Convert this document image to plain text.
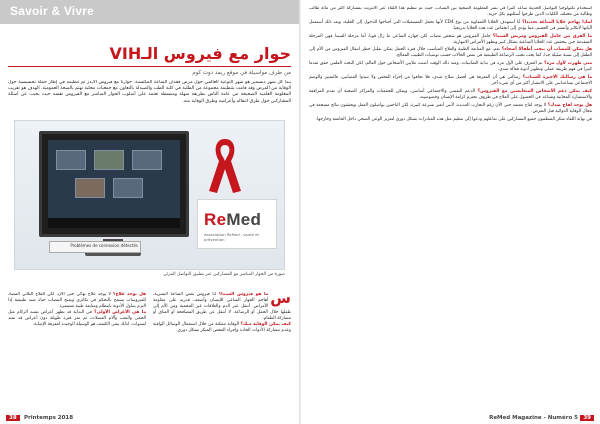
Savoir & Vivre
حوار مع فيروس الـVIH
من طرف مواسيلة في موقع ريمد دوت كوم
يبدأ كل شهر ديسمبر هو شهر التوعية العالمي حول مرض فقدان المناعة المكتسبة. حوارنا مع فيروس الايدز تم تنظيمه في إطار حملة تحسيسية حول الوقاية من المرض وقد قامت بتنظيمه مجموعة من الطلبة في كلية الطب والصيدلة بالتعاون مع جمعيات محلية تهتم بالصحة العمومية. الهدف هو تقريب المعلومة العلمية الصحيحة من عامة الناس بطريقة سهلة ومبسطة تعتمد على أسلوب الحوار المباشر مع الفيروس نفسه حيث يجيب عن أسئلة المشاركين حول طرق انتقاله وأعراضه وطرق الوقاية منه.
Problèmes de connexion détectés
ReMed
Association ReMed - santé et prévention
صورة من الحوار المباشر مع المشاركين عبر تطبيق التواصل المرئي
س
ما هو فيروس السيدا؟ أنا فيروس نقص المناعة البشرية، أهاجم الجهاز المناعي للإنسان وأضعف قدرته على مقاومة الأمراض. أنتقل عبر الدم والعلاقات غير المحمية ومن الأم إلى طفلها خلال الحمل أو الرضاعة. لا أنتقل عن طريق المصافحة أو العناق أو مشاركة الطعام.
كيف يمكن الوقاية منك؟ الوقاية ممكنة من خلال استعمال الوسائل الواقية وعدم مشاركة الأدوات الحادة وإجراء الفحص المبكر بشكل دوري.
هل يوجد علاج؟ لا يوجد علاج نهائي حتى الآن، لكن العلاج الثلاثي المضاد للفيروسات يسمح بالتحكم في تكاثري ويمنح المصاب حياة شبه طبيعية إذا التزم بتناول الأدوية بانتظام ومتابعة طبية مستمرة.
ما هي الأعراض الأولى؟ في البداية قد تظهر أعراض تشبه الزكام مثل الحمى والتعب وآلام العضلات، ثم تمر فترة طويلة دون أعراض قد تمتد لسنوات، لذلك يبقى الكشف هو الوسيلة الوحيدة لمعرفة الإصابة.
38	Printemps 2018

استخدام تكنولوجيا التواصل الحديثة ساعد كثيرا في نشر المعلومة الصحية بين الشباب، حيث تم تنظيم هذا اللقاء عبر الانترنت بمشاركة أكثر من مائة طالب وطالبة من مختلف الكليات الذين طرحوا أسئلتهم بكل حرية.

لماذا تهاجم خلايا المناعة تحديدا؟ أنا أستهدف الخلايا اللمفاوية من نوع CD4 لأنها تحمل المستقبلات التي أحتاجها للدخول إلى الخلية، وبعد ذلك أستعمل آلياتها لأتكاثر وأنتشر في الجسم، مما يؤدي إلى انخفاض عدد هذه الخلايا تدريجيا.

ما الفرق بين حامل الفيروس ومريض السيدا؟ حامل الفيروس هو شخص مصاب لكن جهازه المناعي ما زال قويا، أما مرحلة السيدا فهي المرحلة المتقدمة حين ينخفض عدد الخلايا المناعية بشكل كبير وتظهر الأمراض الانتهازية.

هل يمكن للمصاب أن ينجب أطفالا أصحاء؟ نعم، مع المتابعة الطبية والعلاج المناسب خلال فترة الحمل يمكن تقليل خطر انتقال الفيروس من الأم إلى الطفل إلى نسبة ضئيلة جدا، كما يجب تجنب الرضاعة الطبيعية في بعض الحالات حسب توصيات الطبيب المعالج.

متى ظهرت لأول مرة؟ تم التعرف علي لأول مرة في بداية الثمانينات، ومنذ ذلك الوقت أصبت ملايين الأشخاص حول العالم، لكن البحث العلمي حقق تقدما كبيرا في فهم طريقة عملي وتطوير أدوية فعالة ضدي.

ما هي رسالتك الأخيرة للشباب؟ رسالتي هي أن المعرفة هي أفضل سلاح ضدي، فلا تخافوا من إجراء الفحص ولا تنبذوا المصابين، فالتمييز والوصم الاجتماعي يساعدانني على الانتشار أكثر من أي شيء آخر.

كيف يمكن دعم الأشخاص المتعايشين مع الفيروس؟ الدعم النفسي والاجتماعي أساسي، ويمكن للجمعيات والمراكز الصحية أن تقدم المرافقة والاستشارة المجانية وتساعد في الحصول على العلاج في ظروف تحترم كرامة الإنسان وخصوصيته.

هل يوجد لقاح ضدك؟ لا يوجد لقاح معتمد حتى الآن رغم التجارب العديدة، لأنني أتغير بسرعة كبيرة، لكن الباحثين يواصلون العمل ويحققون نتائج مشجعة في مجال الوقاية الدوائية قبل التعرض.

في نهاية اللقاء شكر المنظمون جميع المشاركين على تفاعلهم ودعوا إلى تنظيم مثل هذه المبادرات بشكل دوري لتعزيز الوعي الصحي داخل الجامعة وخارجها.

ReMed Magazine - Numéro 5 39
